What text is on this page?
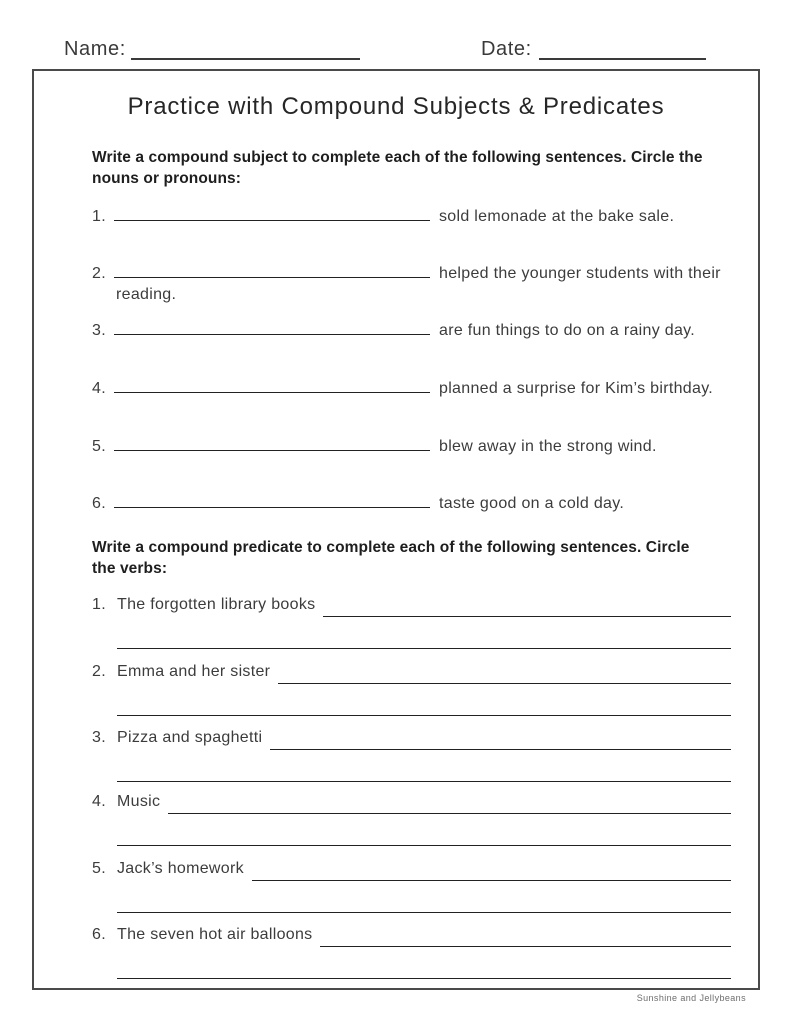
Name:	Date:
Practice with Compound Subjects & Predicates
Write a compound subject to complete each of the following sentences. Circle the
nouns or pronouns:
1.	sold lemonade at the bake sale.
2.	helped the younger students with their
reading.
3.	are fun things to do on a rainy day.
4.	planned a surprise for Kim’s birthday.
5.	blew away in the strong wind.
6.	taste good on a cold day.
Write a compound predicate to complete each of the following sentences. Circle
the verbs:
1. The forgotten library books
2. Emma and her sister
3. Pizza and spaghetti
4. Music
5. Jack’s homework
6. The seven hot air balloons
Sunshine and Jellybeans
